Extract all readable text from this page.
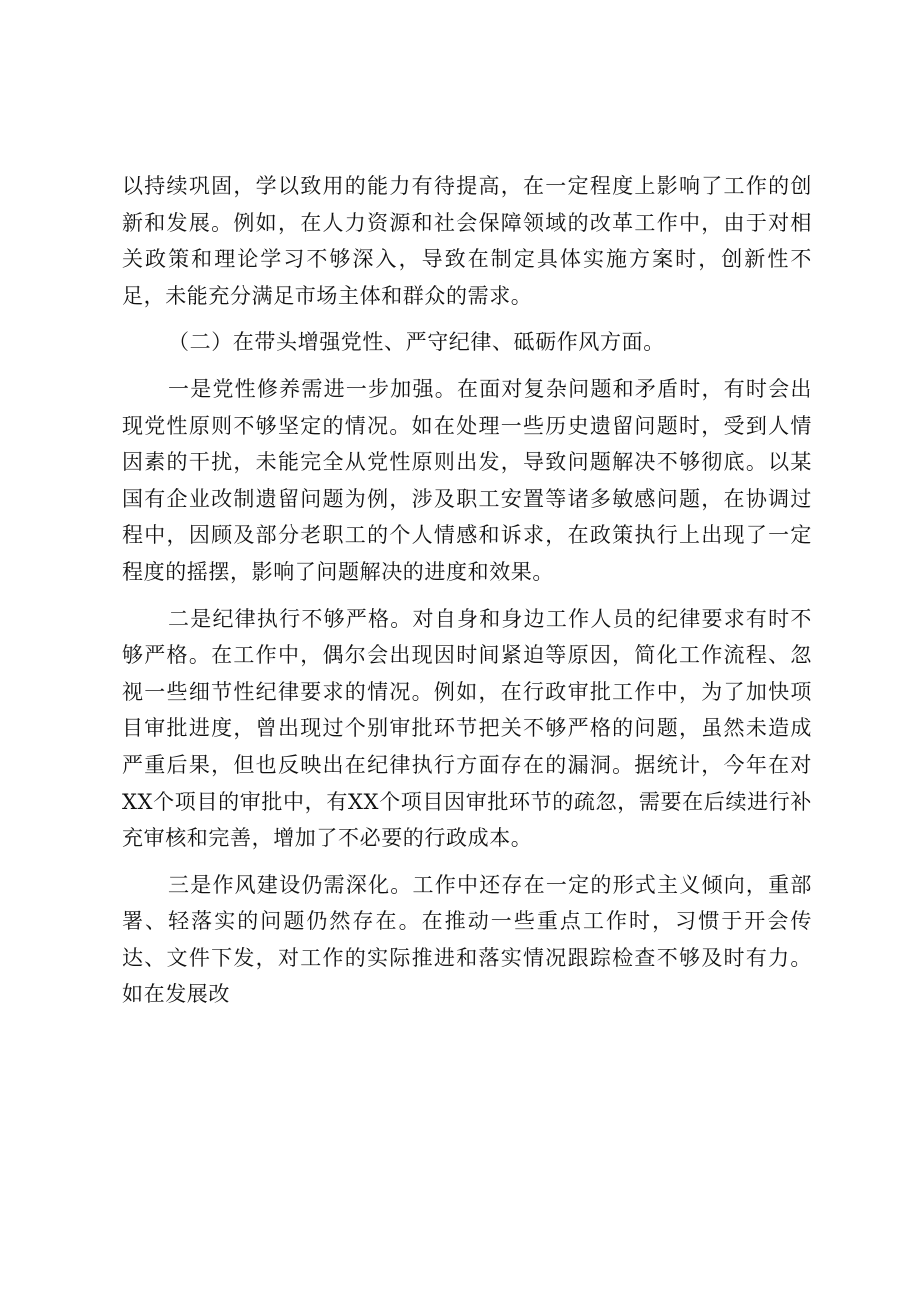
以持续巩固，学以致用的能力有待提高，在一定程度上影响了工作的创新和发展。例如，在人力资源和社会保障领域的改革工作中，由于对相关政策和理论学习不够深入，导致在制定具体实施方案时，创新性不足，未能充分满足市场主体和群众的需求。

（二）在带头增强党性、严守纪律、砥砺作风方面。

一是党性修养需进一步加强。在面对复杂问题和矛盾时，有时会出现党性原则不够坚定的情况。如在处理一些历史遗留问题时，受到人情因素的干扰，未能完全从党性原则出发，导致问题解决不够彻底。以某国有企业改制遗留问题为例，涉及职工安置等诸多敏感问题，在协调过程中，因顾及部分老职工的个人情感和诉求，在政策执行上出现了一定程度的摇摆，影响了问题解决的进度和效果。

二是纪律执行不够严格。对自身和身边工作人员的纪律要求有时不够严格。在工作中，偶尔会出现因时间紧迫等原因，简化工作流程、忽视一些细节性纪律要求的情况。例如，在行政审批工作中，为了加快项目审批进度，曾出现过个别审批环节把关不够严格的问题，虽然未造成严重后果，但也反映出在纪律执行方面存在的漏洞。据统计，今年在对XX个项目的审批中，有XX个项目因审批环节的疏忽，需要在后续进行补充审核和完善，增加了不必要的行政成本。

三是作风建设仍需深化。工作中还存在一定的形式主义倾向，重部署、轻落实的问题仍然存在。在推动一些重点工作时，习惯于开会传达、文件下发，对工作的实际推进和落实情况跟踪检查不够及时有力。如在发展改
